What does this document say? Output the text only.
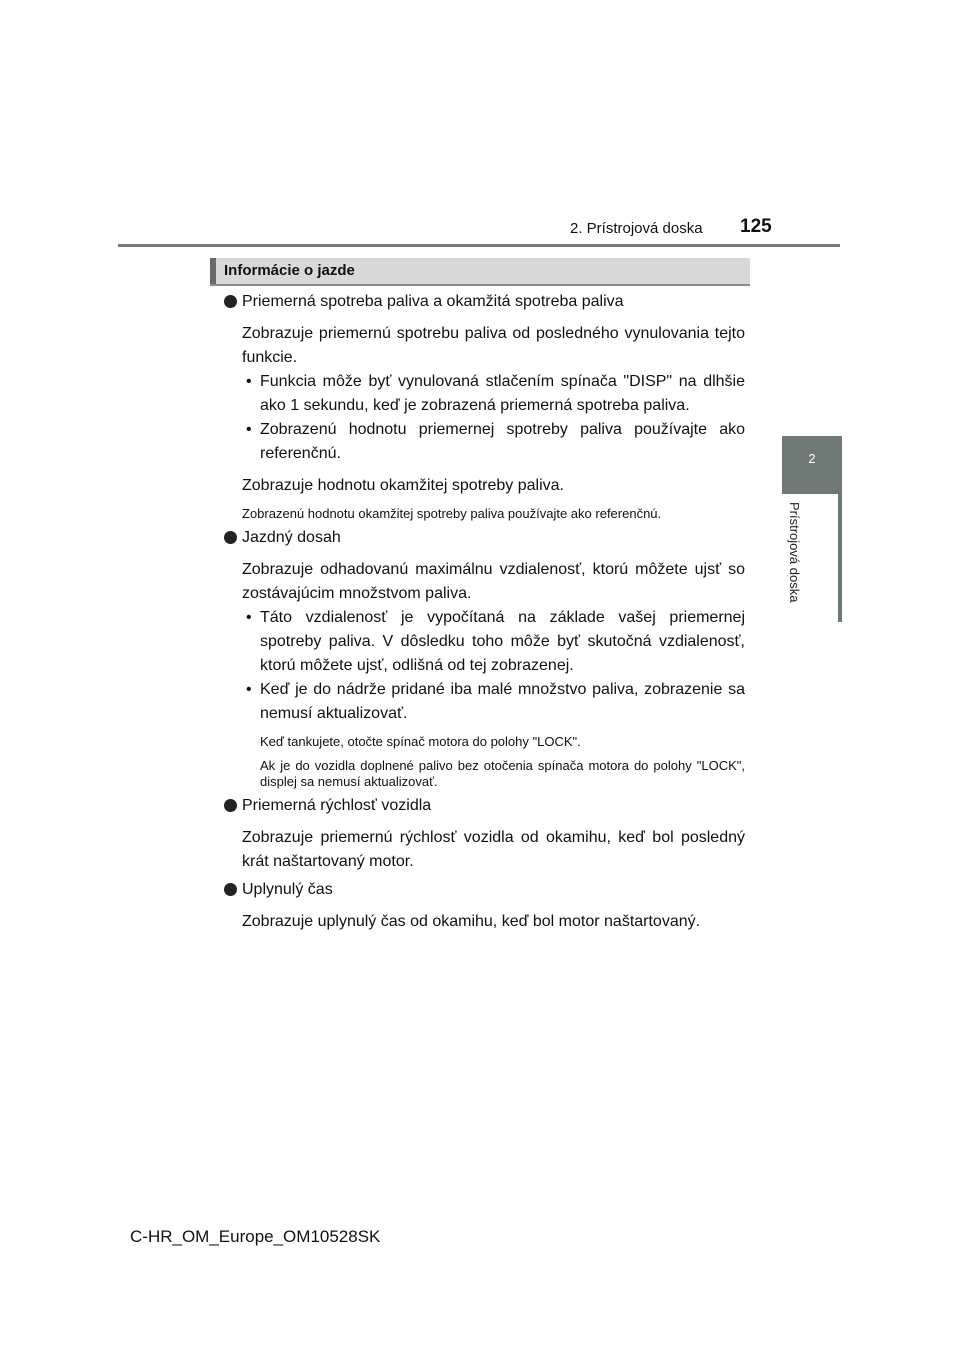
2. Prístrojová doska 125
2
Prístrojová doska
Informácie o jazde
Priemerná spotreba paliva a okamžitá spotreba paliva
Zobrazuje priemernú spotrebu paliva od posledného vynulovania tejto funkcie.
• Funkcia môže byť vynulovaná stlačením spínača "DISP" na dlhšie ako 1 sekundu, keď je zobrazená priemerná spotreba paliva.
• Zobrazenú hodnotu priemernej spotreby paliva používajte ako referenčnú.
Zobrazuje hodnotu okamžitej spotreby paliva.
Zobrazenú hodnotu okamžitej spotreby paliva používajte ako referenčnú.
Jazdný dosah
Zobrazuje odhadovanú maximálnu vzdialenosť, ktorú môžete ujsť so zostávajúcim množstvom paliva.
• Táto vzdialenosť je vypočítaná na základe vašej priemernej spotreby paliva. V dôsledku toho môže byť skutočná vzdialenosť, ktorú môžete ujsť, odlišná od tej zobrazenej.
• Keď je do nádrže pridané iba malé množstvo paliva, zobrazenie sa nemusí aktualizovať.
Keď tankujete, otočte spínač motora do polohy "LOCK".
Ak je do vozidla doplnené palivo bez otočenia spínača motora do polohy "LOCK", displej sa nemusí aktualizovať.
Priemerná rýchlosť vozidla
Zobrazuje priemernú rýchlosť vozidla od okamihu, keď bol posledný krát naštartovaný motor.
Uplynulý čas
Zobrazuje uplynulý čas od okamihu, keď bol motor naštartovaný.
C-HR_OM_Europe_OM10528SK
